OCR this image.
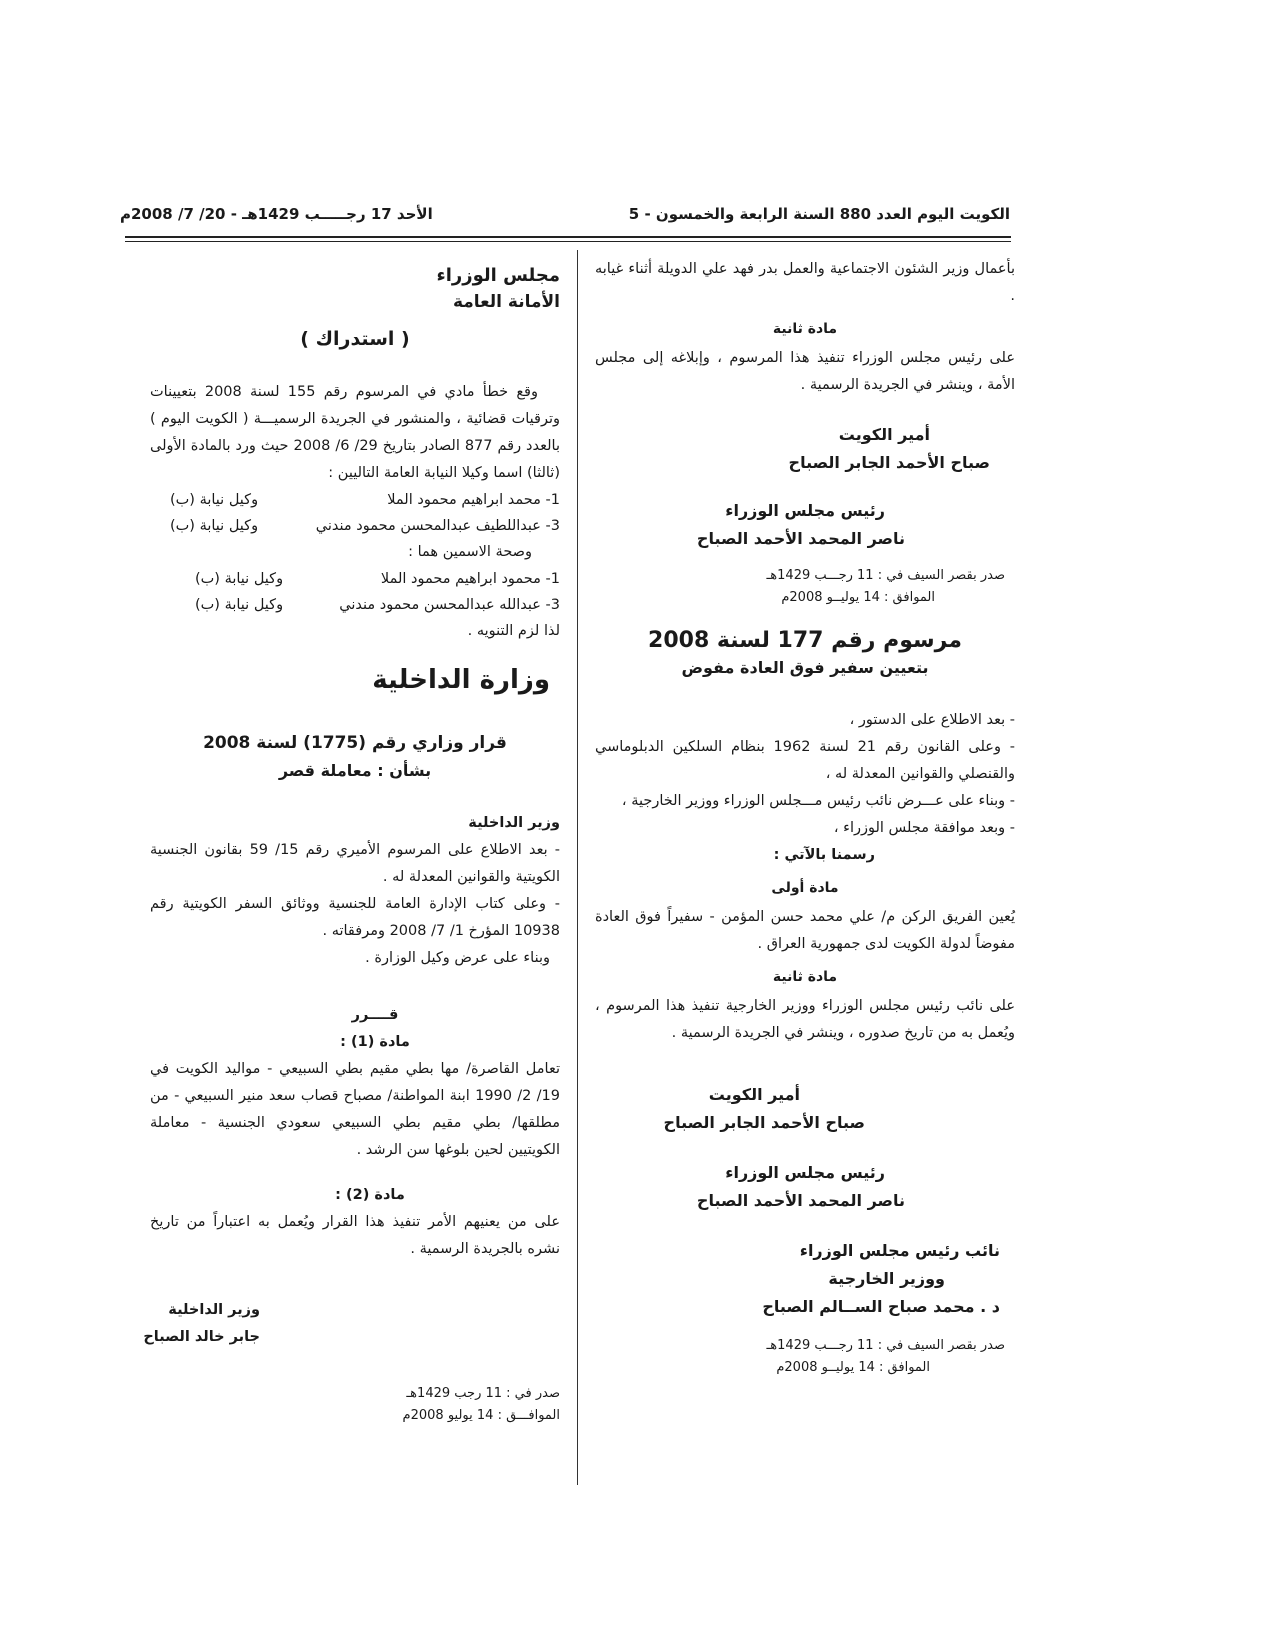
الكويت اليوم العدد 880 السنة الرابعة والخمسون - 5
الأحد 17 رجـــــب 1429هـ - 20/ 7/ 2008م

بأعمال وزير الشئون الاجتماعية والعمل بدر فهد علي الدويلة أثناء غيابه .

مادة ثانية

على رئيس مجلس الوزراء تنفيذ هذا المرسوم ، وإبلاغه إلى مجلس الأمة ، وينشر في الجريدة الرسمية .

أمير الكويت
صباح الأحمد الجابر الصباح
رئيس مجلس الوزراء
ناصر المحمد الأحمد الصباح
صدر بقصر السيف في : 11 رجـــب 1429هـ
الموافق : 14 يوليــو 2008م
مرسوم رقم 177 لسنة 2008
بتعيين سفير فوق العادة مفوض

- بعد الاطلاع على الدستور ،

- وعلى القانون رقم 21 لسنة 1962 بنظام السلكين الدبلوماسي والقنصلي والقوانين المعدلة له ،

- وبناء على عـــرض نائب رئيس مـــجلس الوزراء ووزير الخارجية ،

- وبعد موافقة مجلس الوزراء ،

رسمنا بالآتي :
مادة أولى

يُعين الفريق الركن م/ علي محمد حسن المؤمن - سفيراً فوق العادة مفوضاً لدولة الكويت لدى جمهورية العراق .

مادة ثانية

على نائب رئيس مجلس الوزراء ووزير الخارجية تنفيذ هذا المرسوم ، ويُعمل به من تاريخ صدوره ، وينشر في الجريدة الرسمية .

أمير الكويت
صباح الأحمد الجابر الصباح
رئيس مجلس الوزراء
ناصر المحمد الأحمد الصباح
نائب رئيس مجلس الوزراء
ووزير الخارجية
د . محمد صباح الســالم الصباح
صدر بقصر السيف في : 11 رجـــب 1429هـ
الموافق : 14 يوليــو 2008م
مجلس الوزراء
الأمانة العامة
( استدراك )

وقع خطأ مادي في المرسوم رقم 155 لسنة 2008 بتعيينات وترقيات قضائية ، والمنشور في الجريدة الرسميـــة ( الكويت اليوم ) بالعدد رقم 877 الصادر بتاريخ 29/ 6/ 2008 حيث ورد بالمادة الأولى (ثالثا) اسما وكيلا النيابة العامة التاليين :

1- محمد ابراهيم محمود الملا	وكيل نيابة (ب)
3- عبداللطيف عبدالمحسن محمود مندني	وكيل نيابة (ب)
وصحة الاسمين هما :
1- محمود ابراهيم محمود الملا	وكيل نيابة (ب)
3- عبدالله عبدالمحسن محمود مندني	وكيل نيابة (ب)
لذا لزم التنويه .
وزارة الداخلية
قرار وزاري رقم (1775) لسنة 2008
بشأن : معاملة قصر
وزير الداخلية

- بعد الاطلاع على المرسوم الأميري رقم 15/ 59 بقانون الجنسية الكويتية والقوانين المعدلة له .

- وعلى كتاب الإدارة العامة للجنسية ووثائق السفر الكويتية رقم 10938 المؤرخ 1/ 7/ 2008 ومرفقاته .

وبناء على عرض وكيل الوزارة .

قــــرر
مادة (1) :

تعامل القاصرة/ مها بطي مقيم بطي السبيعي - مواليد الكويت في 19/ 2/ 1990 ابنة المواطنة/ مصباح قصاب سعد منير السبيعي - من مطلقها/ بطي مقيم بطي السبيعي سعودي الجنسية - معاملة الكويتيين لحين بلوغها سن الرشد .

مادة (2) :

على من يعنيهم الأمر تنفيذ هذا القرار ويُعمل به اعتباراً من تاريخ نشره بالجريدة الرسمية .

وزير الداخلية
جابر خالد الصباح
صدر في : 11 رجب 1429هـ
الموافـــق : 14 يوليو 2008م
